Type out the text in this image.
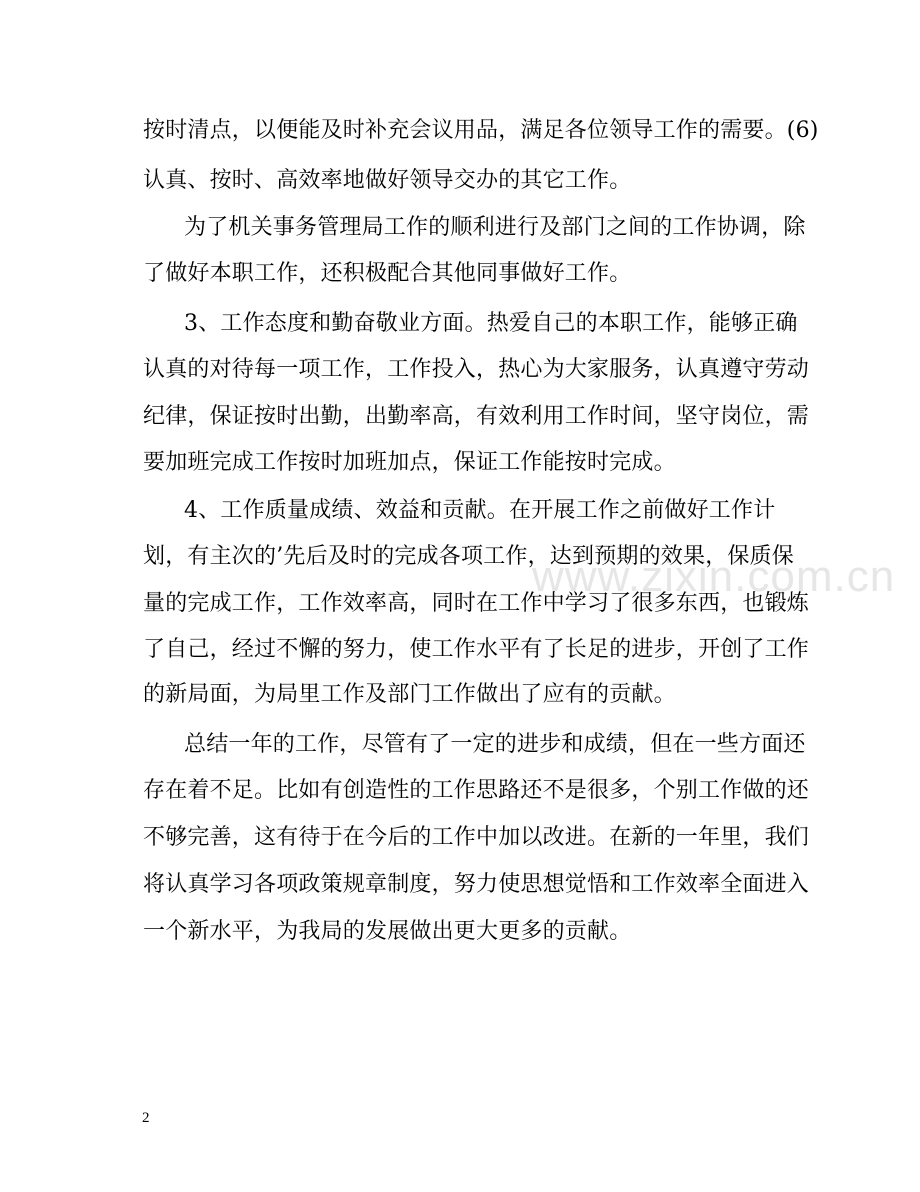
www.zixin.com.cn
按时清点，以便能及时补充会议用品，满足各位领导工作的需要。(6)
认真、按时、高效率地做好领导交办的其它工作。
为了机关事务管理局工作的顺利进行及部门之间的工作协调，除
了做好本职工作，还积极配合其他同事做好工作。
3、工作态度和勤奋敬业方面。热爱自己的本职工作，能够正确
认真的对待每一项工作，工作投入，热心为大家服务，认真遵守劳动
纪律，保证按时出勤，出勤率高，有效利用工作时间，坚守岗位，需
要加班完成工作按时加班加点，保证工作能按时完成。
4、工作质量成绩、效益和贡献。在开展工作之前做好工作计
划，有主次的’先后及时的完成各项工作，达到预期的效果，保质保
量的完成工作，工作效率高，同时在工作中学习了很多东西，也锻炼
了自己，经过不懈的努力，使工作水平有了长足的进步，开创了工作
的新局面，为局里工作及部门工作做出了应有的贡献。
总结一年的工作，尽管有了一定的进步和成绩，但在一些方面还
存在着不足。比如有创造性的工作思路还不是很多，个别工作做的还
不够完善，这有待于在今后的工作中加以改进。在新的一年里，我们
将认真学习各项政策规章制度，努力使思想觉悟和工作效率全面进入
一个新水平，为我局的发展做出更大更多的贡献。
2
